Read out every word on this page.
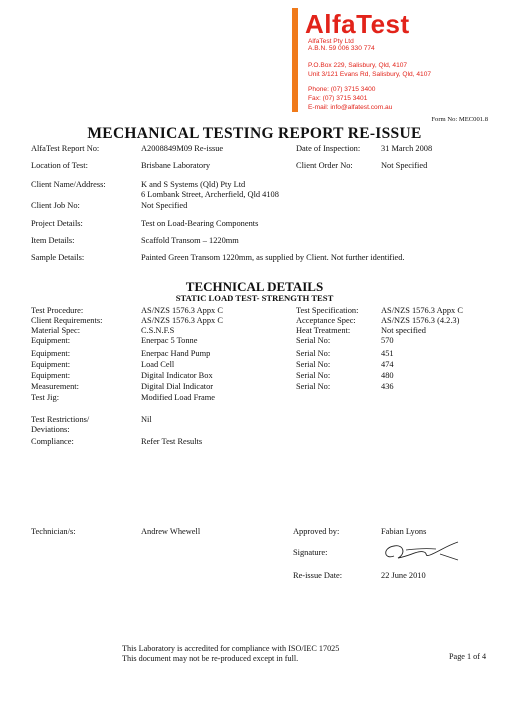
AlfaTest
AlfaTest Pty Ltd
A.B.N. 59 006 330 774
P.O.Box 229, Salisbury, Qld, 4107
Unit 3/121 Evans Rd, Salisbury, Qld, 4107
Phone: (07) 3715 3400
Fax: (07) 3715 3401
E-mail: info@alfatest.com.au
Form No: MEC001.8
MECHANICAL TESTING REPORT RE-ISSUE
AlfaTest Report No:	A2008849M09 Re-issue	Date of Inspection: 31 March 2008
Location of Test:	Brisbane Laboratory	Client Order No:	Not Specified
Client Name/Address:	K and S Systems (Qld) Pty Ltd
6 Lombank Street, Archerfield, Qld 4108
Client Job No:	Not Specified
Project Details:	Test on Load-Bearing Components
Item Details:	Scaffold Transom – 1220mm
Sample Details:	Painted Green Transom 1220mm, as supplied by Client. Not further identified.
TECHNICAL DETAILS
STATIC LOAD TEST- STRENGTH TEST
Test Procedure:	AS/NZS 1576.3 Appx C	Test Specification:	AS/NZS 1576.3 Appx C
Client Requirements:	AS/NZS 1576.3 Appx C	Acceptance Spec:	AS/NZS 1576.3 (4.2.3)
Material Spec:	C.S.N.F.S	Heat Treatment:	Not specified
Equipment:	Enerpac 5 Tonne	Serial No:	570
Equipment:	Enerpac Hand Pump	Serial No:	451
Equipment:	Load Cell	Serial No:	474
Equipment:	Digital Indicator Box	Serial No:	480
Measurement:	Digital Dial Indicator	Serial No:	436
Test Jig:	Modified Load Frame
Test Restrictions/
Deviations:
Nil
Compliance:	Refer Test Results
Technician/s:	Andrew Whewell	Approved by:	Fabian Lyons
Signature:
Re-issue Date:	22 June 2010
This Laboratory is accredited for compliance with ISO/IEC 17025
This document may not be re-produced except in full.	Page 1 of 4
